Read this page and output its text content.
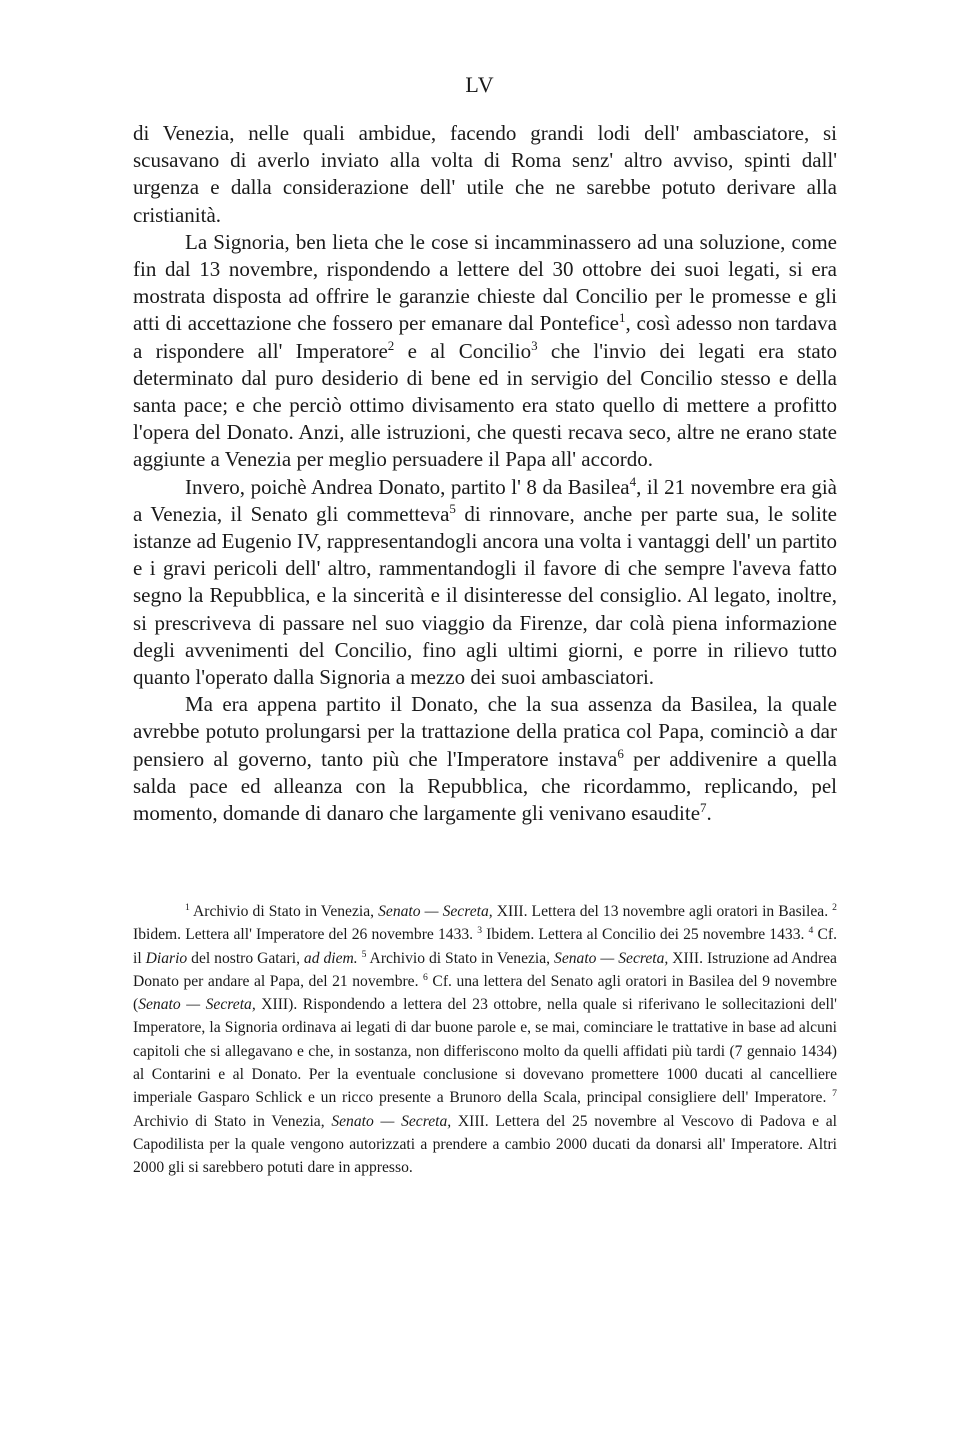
LV

di Venezia, nelle quali ambidue, facendo grandi lodi dell' ambasciatore, si scusavano di averlo inviato alla volta di Roma senz' altro avviso, spinti dall' urgenza e dalla considerazione dell' utile che ne sarebbe potuto derivare alla cristianità.

La Signoria, ben lieta che le cose si incamminassero ad una soluzione, come fin dal 13 novembre, rispondendo a lettere del 30 ottobre dei suoi legati, si era mostrata disposta ad offrire le garanzie chieste dal Concilio per le promesse e gli atti di accettazione che fossero per emanare dal Pontefice$^1$, così adesso non tardava a rispondere all' Imperatore$^2$ e al Concilio$^3$ che l'invio dei legati era stato determinato dal puro desiderio di bene ed in servigio del Concilio stesso e della santa pace; e che perciò ottimo divisamento era stato quello di mettere a profitto l'opera del Donato. Anzi, alle istruzioni, che questi recava seco, altre ne erano state aggiunte a Venezia per meglio persuadere il Papa all' accordo.

Invero, poichè Andrea Donato, partito l' 8 da Basilea$^4$, il 21 novembre era già a Venezia, il Senato gli commetteva$^5$ di rinnovare, anche per parte sua, le solite istanze ad Eugenio IV, rappresentandogli ancora una volta i vantaggi dell' un partito e i gravi pericoli dell' altro, rammentandogli il favore di che sempre l'aveva fatto segno la Repubblica, e la sincerità e il disinteresse del consiglio. Al legato, inoltre, si prescriveva di passare nel suo viaggio da Firenze, dar colà piena informazione degli avvenimenti del Concilio, fino agli ultimi giorni, e porre in rilievo tutto quanto l'operato dalla Signoria a mezzo dei suoi ambasciatori.

Ma era appena partito il Donato, che la sua assenza da Basilea, la quale avrebbe potuto prolungarsi per la trattazione della pratica col Papa, cominciò a dar pensiero al governo, tanto più che l'Imperatore instava$^6$ per addivenire a quella salda pace ed alleanza con la Repubblica, che ricordammo, replicando, pel momento, domande di danaro che largamente gli venivano esaudite$^7$.

$^1$ Archivio di Stato in Venezia, Senato — Secreta, XIII. Lettera del 13 novembre agli oratori in Basilea. $^2$ Ibidem. Lettera all' Imperatore del 26 novembre 1433. $^3$ Ibidem. Lettera al Concilio dei 25 novembre 1433. $^4$ Cf. il Diario del nostro Gatari, ad diem. $^5$ Archivio di Stato in Venezia, Senato — Secreta, XIII. Istruzione ad Andrea Donato per andare al Papa, del 21 novembre. $^6$ Cf. una lettera del Senato agli oratori in Basilea del 9 novembre (Senato — Secreta, XIII). Rispondendo a lettera del 23 ottobre, nella quale si riferivano le sollecitazioni dell' Imperatore, la Signoria ordinava ai legati di dar buone parole e, se mai, cominciare le trattative in base ad alcuni capitoli che si allegavano e che, in sostanza, non differiscono molto da quelli affidati più tardi (7 gennaio 1434) al Contarini e al Donato. Per la eventuale conclusione si dovevano promettere 1000 ducati al cancelliere imperiale Gasparo Schlick e un ricco presente a Brunoro della Scala, principal consigliere dell' Imperatore. $^7$ Archivio di Stato in Venezia, Senato — Secreta, XIII. Lettera del 25 novembre al Vescovo di Padova e al Capodilista per la quale vengono autorizzati a prendere a cambio 2000 ducati da donarsi all' Imperatore. Altri 2000 gli si sarebbero potuti dare in appresso.
